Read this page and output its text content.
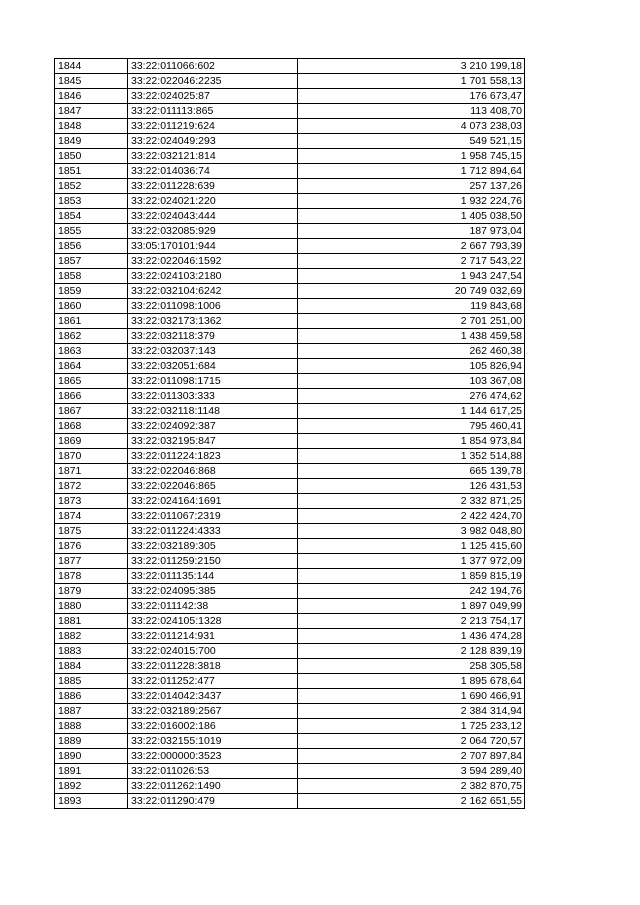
1844	33:22:011066:602	3 210 199,18
1845	33:22:022046:2235	1 701 558,13
1846	33:22:024025:87	176 673,47
1847	33:22:011113:865	113 408,70
1848	33:22:011219:624	4 073 238,03
1849	33:22:024049:293	549 521,15
1850	33:22:032121:814	1 958 745,15
1851	33:22:014036:74	1 712 894,64
1852	33:22:011228:639	257 137,26
1853	33:22:024021:220	1 932 224,76
1854	33:22:024043:444	1 405 038,50
1855	33:22:032085:929	187 973,04
1856	33:05:170101:944	2 667 793,39
1857	33:22:022046:1592	2 717 543,22
1858	33:22:024103:2180	1 943 247,54
1859	33:22:032104:6242	20 749 032,69
1860	33:22:011098:1006	119 843,68
1861	33:22:032173:1362	2 701 251,00
1862	33:22:032118:379	1 438 459,58
1863	33:22:032037:143	262 460,38
1864	33:22:032051:684	105 826,94
1865	33:22:011098:1715	103 367,08
1866	33:22:011303:333	276 474,62
1867	33:22:032118:1148	1 144 617,25
1868	33:22:024092:387	795 460,41
1869	33:22:032195:847	1 854 973,84
1870	33:22:011224:1823	1 352 514,88
1871	33:22:022046:868	665 139,78
1872	33:22:022046:865	126 431,53
1873	33:22:024164:1691	2 332 871,25
1874	33:22:011067:2319	2 422 424,70
1875	33:22:011224:4333	3 982 048,80
1876	33:22:032189:305	1 125 415,60
1877	33:22:011259:2150	1 377 972,09
1878	33:22:011135:144	1 859 815,19
1879	33:22:024095:385	242 194,76
1880	33:22:011142:38	1 897 049,99
1881	33:22:024105:1328	2 213 754,17
1882	33:22:011214:931	1 436 474,28
1883	33:22:024015:700	2 128 839,19
1884	33:22:011228:3818	258 305,58
1885	33:22:011252:477	1 895 678,64
1886	33:22:014042:3437	1 690 466,91
1887	33:22:032189:2567	2 384 314,94
1888	33:22:016002:186	1 725 233,12
1889	33:22:032155:1019	2 064 720,57
1890	33:22:000000:3523	2 707 897,84
1891	33:22:011026:53	3 594 289,40
1892	33:22:011262:1490	2 382 870,75
1893	33:22:011290:479	2 162 651,55
